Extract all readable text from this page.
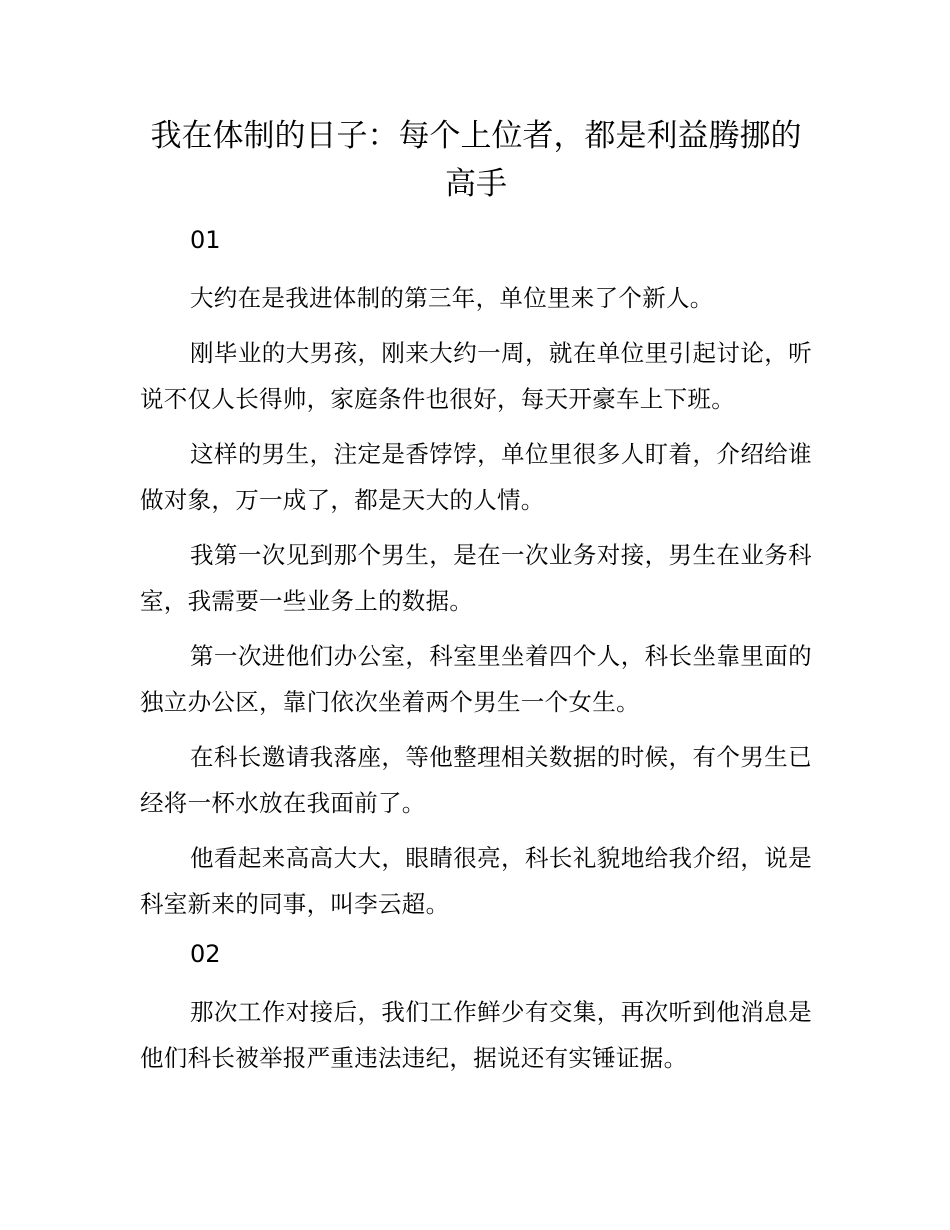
我在体制的日子：每个上位者，都是利益腾挪的高手

01

大约在是我进体制的第三年，单位里来了个新人。

刚毕业的大男孩，刚来大约一周，就在单位里引起讨论，听说不仅人长得帅，家庭条件也很好，每天开豪车上下班。

这样的男生，注定是香饽饽，单位里很多人盯着，介绍给谁做对象，万一成了，都是天大的人情。

我第一次见到那个男生，是在一次业务对接，男生在业务科室，我需要一些业务上的数据。

第一次进他们办公室，科室里坐着四个人，科长坐靠里面的独立办公区，靠门依次坐着两个男生一个女生。

在科长邀请我落座，等他整理相关数据的时候，有个男生已经将一杯水放在我面前了。

他看起来高高大大，眼睛很亮，科长礼貌地给我介绍，说是科室新来的同事，叫李云超。

02

那次工作对接后，我们工作鲜少有交集，再次听到他消息是他们科长被举报严重违法违纪，据说还有实锤证据。
